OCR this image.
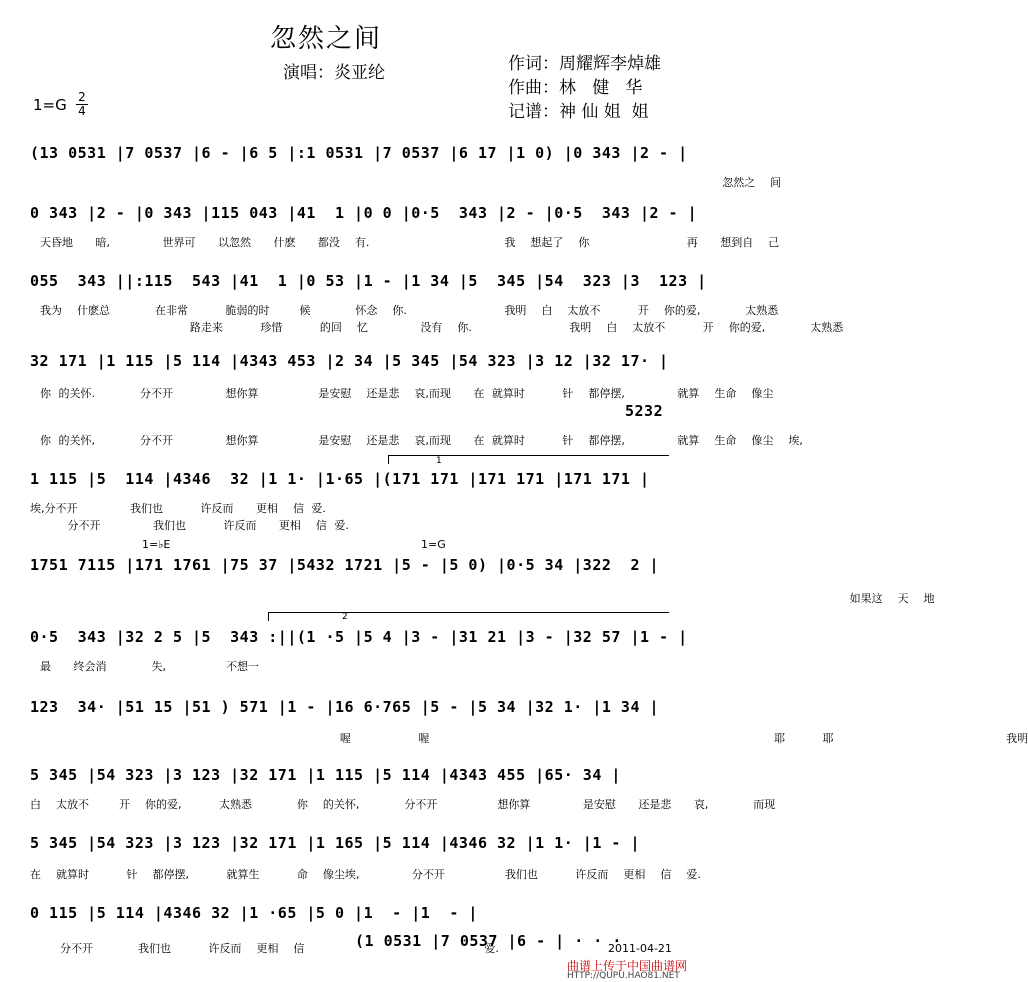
忽然之间
演唱：炎亚纶	作词：周耀辉李焯雄
作曲：林   健   华
记谱：神 仙 姐  姐
$1=G \frac{2}{4}$
(13 0531 |7 0537 |6 - |6 5 |:1 0531 |7 0537 |6 17 |1 0) |0 343 |2 - |
忽然之  间
0 343 |2 - |0 343 |115 043 |41  1 |0 0 |0·5  343 |2 - |0·5  343 |2 - |
天昏地   暗,       世界可   以忽然   什麽   都没  有.                  我  想起了  你             再   想到自  己
055  343 ||:115  543 |41  1 |0 53 |1 - |1 34 |5  345 |54  323 |3  123 |
我为  什麽总      在非常     脆弱的时    候      怀念  你.             我明  白  太放不     开  你的爱,      太熟悉
路走来     珍惜     的回  忆       没有  你.             我明  白  太放不     开  你的爱,      太熟悉
32 171 |1 115 |5 114 |4343 453 |2 34 |5 345 |54 323 |3 12 |32 17· |
你 的关怀.      分不开       想你算        是安慰  还是悲  哀,而现   在 就算时     针  都停摆,       就算  生命  像尘
5232
你 的关怀,      分不开       想你算        是安慰  还是悲  哀,而现   在 就算时     针  都停摆,       就算  生命  像尘  埃,
1
1 115 |5  114 |4346  32 |1 1· |1·65 |(171 171 |171 171 |171 171 |
埃,分不开       我们也     许反而   更相  信 爱.
分不开       我们也     许反而   更相  信 爱.
1=♭E	1=G
1751 7115 |171 1761 |75 37 |5432 1721 |5 - |5 0) |0·5 34 |322  2 |
如果这  天  地
2
0·5  343 |32 2 5 |5  343 :||(1 ·5 |5 4 |3 - |31 21 |3 - |32 57 |1 - |
最   终会消      失,        不想一
123  34· |51 15 |51 ) 571 |1 - |16 6·765 |5 - |5 34 |32 1· |1 34 |
喔         喔                                              耶     耶                       我明
5 345 |54 323 |3 123 |32 171 |1 115 |5 114 |4343 455 |65· 34 |
白  太放不    开  你的爱,     太熟悉      你  的关怀,      分不开        想你算       是安慰   还是悲   哀,      而现
5 345 |54 323 |3 123 |32 171 |1 165 |5 114 |4346 32 |1 1· |1 - |
在  就算时     针  都停摆,     就算生     命  像尘埃,       分不开        我们也     许反而  更相  信  爱.
0 115 |5 114 |4346 32 |1 ·65 |5 0 |1  - |1  - |
(1 0531 |7 0537 |6 - | · · ·
分不开      我们也     许反而  更相  信                        爱.	2011-04-21
曲谱上传于中国曲谱网
HTTP://QUPU.HAO81.NET
